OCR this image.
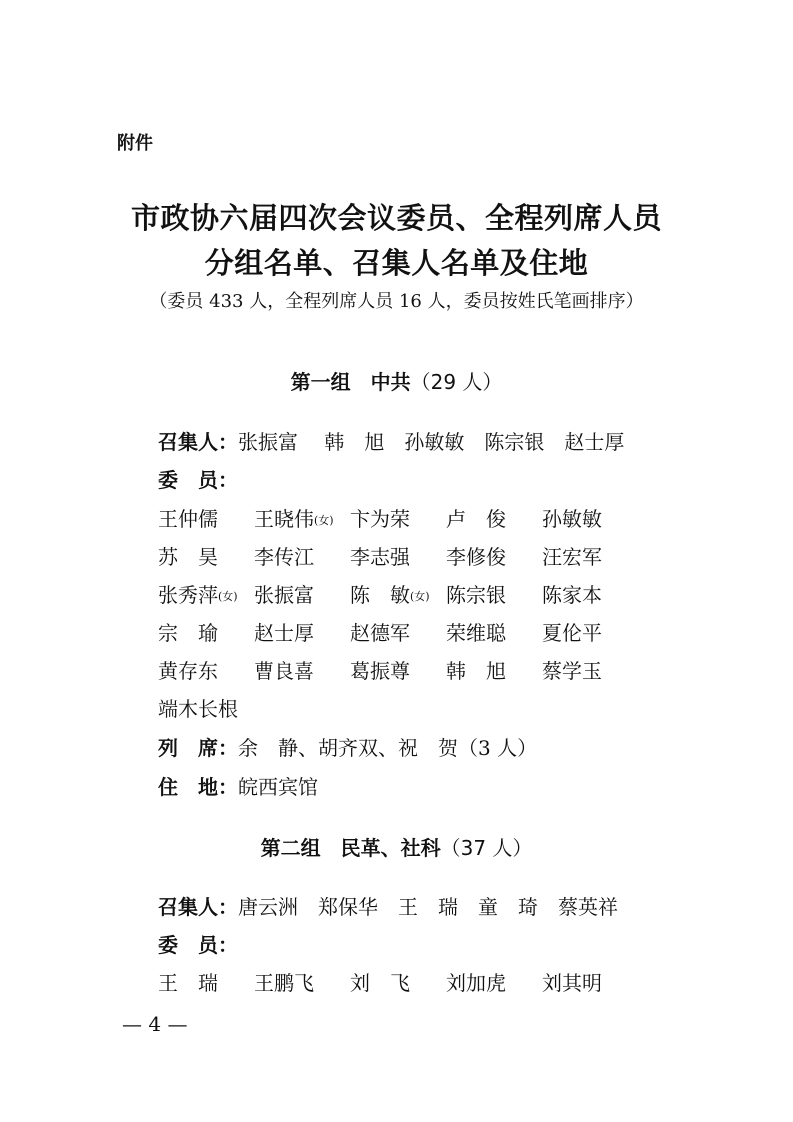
附件
市政协六届四次会议委员、全程列席人员
分组名单、召集人名单及住地
（委员 433 人，全程列席人员 16 人，委员按姓氏笔画排序）
第一组　中共（29 人）
召集人：张振富　 韩　旭　孙敏敏　陈宗银　赵士厚
委　员：
王仲儒	王晓伟(女) 卞为荣	卢　俊	孙敏敏
苏　昊	李传江	李志强	李修俊	汪宏军
张秀萍(女) 张振富	陈　敏(女) 陈宗银	陈家本
宗　瑜	赵士厚	赵德军	荣维聪	夏伦平
黄存东	曹良喜	葛振尊	韩　旭	蔡学玉
端木长根
列　席：余　静、胡齐双、祝　贺（3 人）
住　地：皖西宾馆
第二组　民革、社科（37 人）
召集人：唐云洲　郑保华　王　瑞　童　琦　蔡英祥
委　员：
王　瑞	王鹏飞	刘　飞	刘加虎	刘其明
— 4 —
